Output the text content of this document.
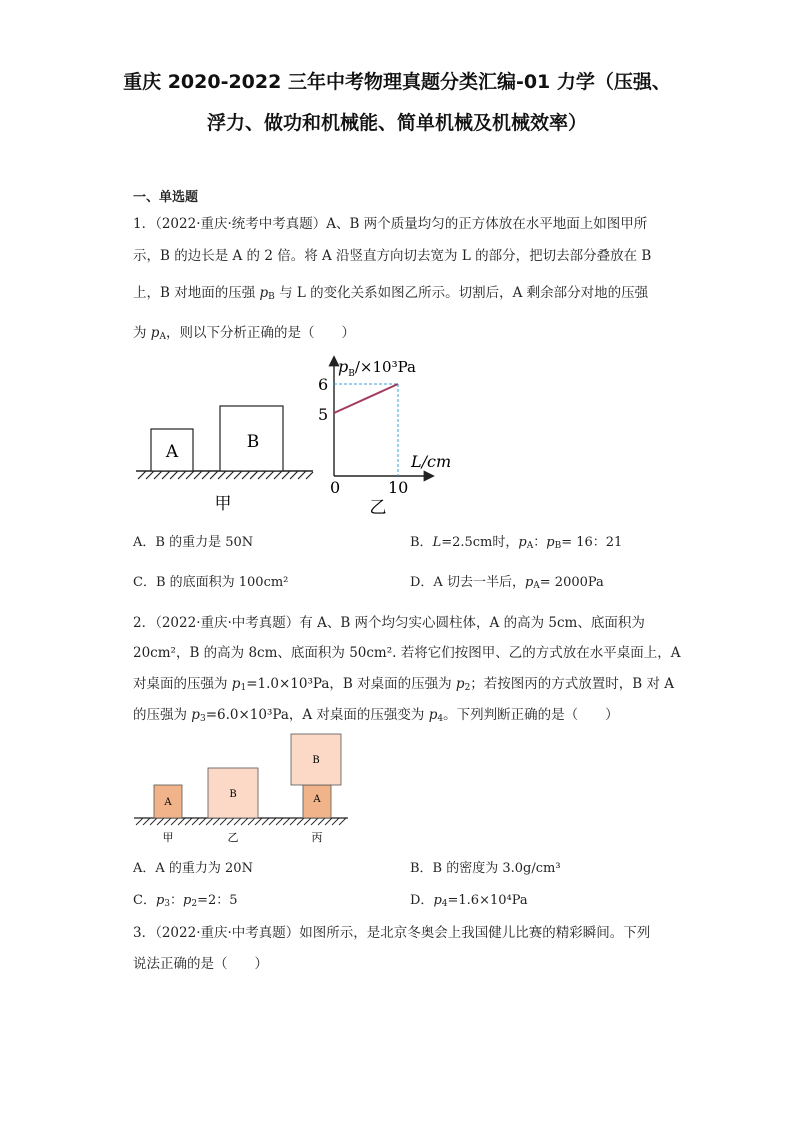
重庆 2020-2022 三年中考物理真题分类汇编-01 力学（压强、
浮力、做功和机械能、简单机械及机械效率）
一、单选题
1．（2022·重庆·统考中考真题）A、B 两个质量均匀的正方体放在水平地面上如图甲所
示，B 的边长是 A 的 2 倍。将 A 沿竖直方向切去宽为 L 的部分，把切去部分叠放在 B
上，B 对地面的压强 $p_B$ 与 L 的变化关系如图乙所示。切割后，A 剩余部分对地的压强
为 $p_A$，则以下分析正确的是（　　）
A	B
甲
$p_B/\times 10^3Pa$
6
5
0	10
L/cm
乙
A．B 的重力是 50N	B．L=2.5cm时，$p_A$：$p_B= 16$：21
C．B 的底面积为 100cm²	D．A 切去一半后，$p_A= 2000Pa$
2．（2022·重庆·中考真题）有 A、B 两个均匀实心圆柱体，A 的高为 5cm、底面积为
20cm²，B 的高为 8cm、底面积为 50cm². 若将它们按图甲、乙的方式放在水平桌面上，A
对桌面的压强为 $p_1=1.0\times 10^3Pa$，B 对桌面的压强为 $p_2$；若按图丙的方式放置时，B 对 A
的压强为 $p_3=6.0\times 10^3Pa$，A 对桌面的压强变为 $p_4$。下列判断正确的是（　　）
A
B	A
B
甲	乙	丙
A．A 的重力为 20N	B．B 的密度为 3.0g/cm³
C．$p_3$：$p_2=2$：5	D．$p_4=1.6\times 10^4Pa$
3．（2022·重庆·中考真题）如图所示，是北京冬奥会上我国健儿比赛的精彩瞬间。下列
说法正确的是（　　）
